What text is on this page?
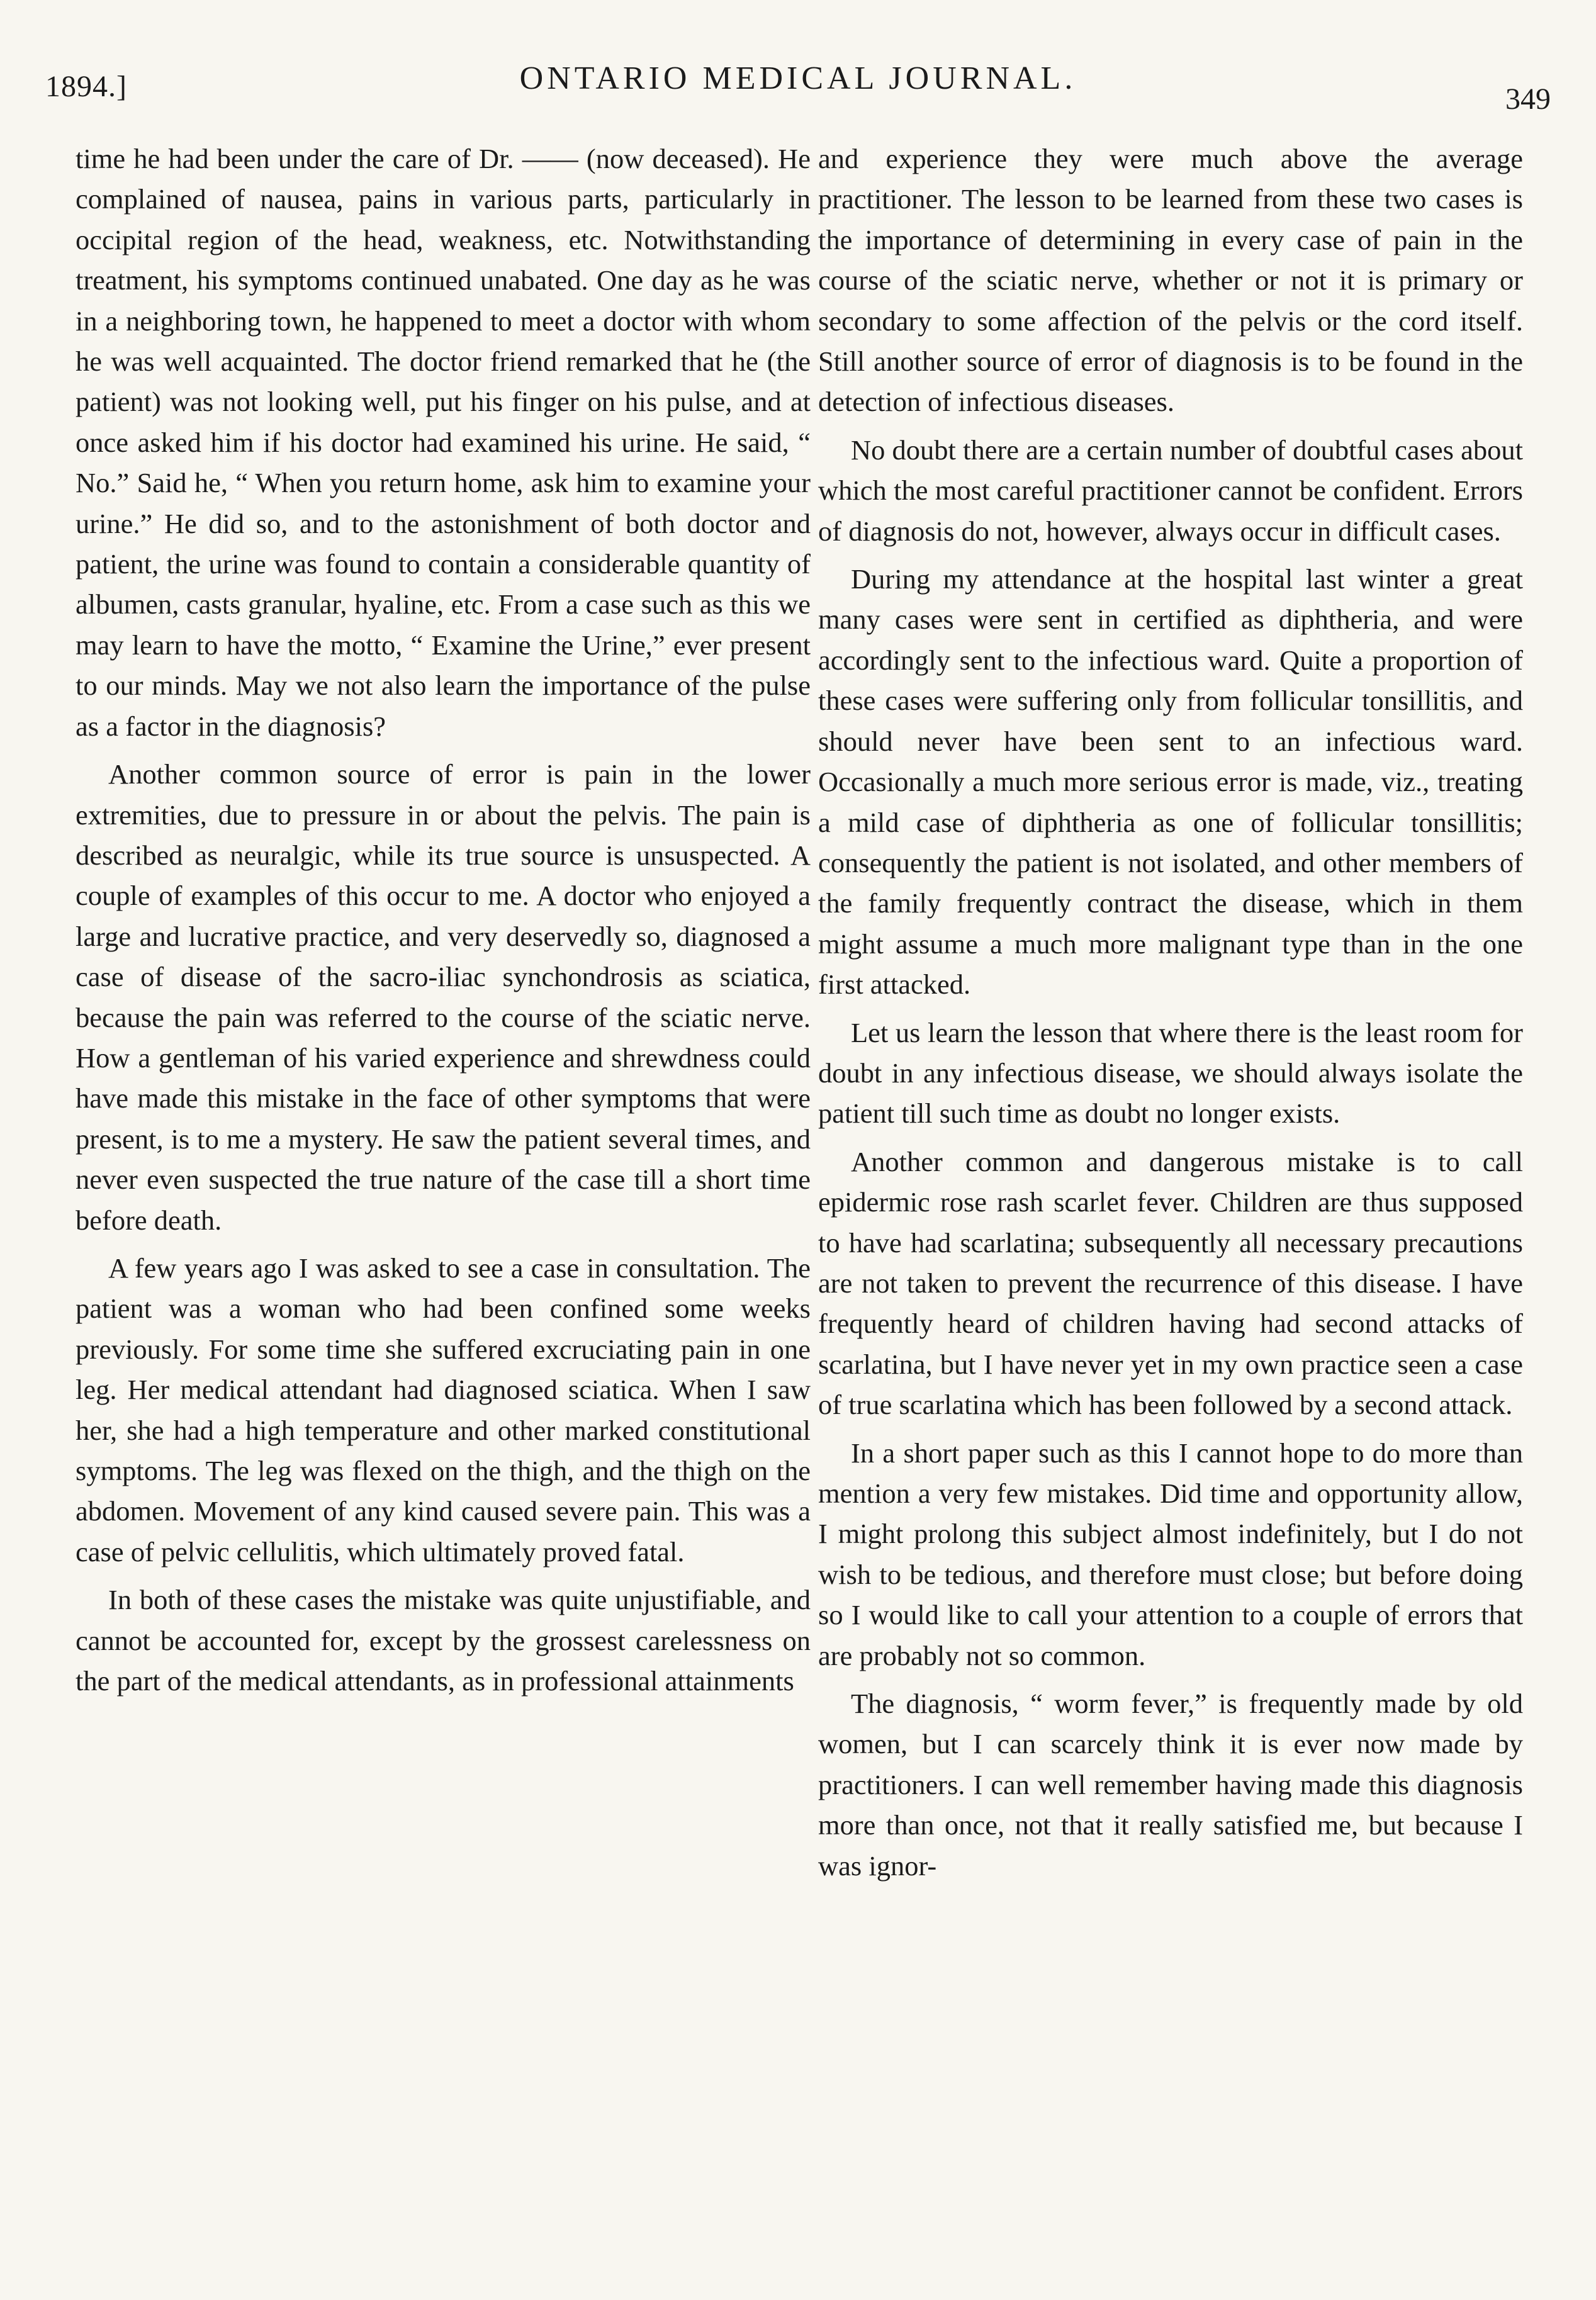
1894.]	ONTARIO MEDICAL JOURNAL.
349

time he had been under the care of Dr. —— (now deceased). He complained of nausea, pains in various parts, particularly in occipital region of the head, weakness, etc. Notwithstanding treatment, his symptoms continued unabated. One day as he was in a neighboring town, he happened to meet a doctor with whom he was well acquainted. The doctor friend remarked that he (the patient) was not looking well, put his finger on his pulse, and at once asked him if his doctor had examined his urine. He said, “ No.” Said he, “ When you return home, ask him to examine your urine.” He did so, and to the astonishment of both doctor and patient, the urine was found to contain a considerable quantity of albumen, casts granular, hyaline, etc. From a case such as this we may learn to have the motto, “ Examine the Urine,” ever present to our minds. May we not also learn the importance of the pulse as a factor in the diagnosis?

Another common source of error is pain in the lower extremities, due to pressure in or about the pelvis. The pain is described as neuralgic, while its true source is unsuspected. A couple of examples of this occur to me. A doctor who enjoyed a large and lucrative practice, and very deservedly so, diagnosed a case of disease of the sacro-iliac synchondrosis as sciatica, because the pain was referred to the course of the sciatic nerve. How a gentleman of his varied experience and shrewdness could have made this mistake in the face of other symptoms that were present, is to me a mystery. He saw the patient several times, and never even suspected the true nature of the case till a short time before death.

A few years ago I was asked to see a case in consultation. The patient was a woman who had been confined some weeks previously. For some time she suffered excruciating pain in one leg. Her medical attendant had diagnosed sciatica. When I saw her, she had a high temperature and other marked constitutional symptoms. The leg was flexed on the thigh, and the thigh on the abdomen. Movement of any kind caused severe pain. This was a case of pelvic cellulitis, which ultimately proved fatal.

In both of these cases the mistake was quite unjustifiable, and cannot be accounted for, except by the grossest carelessness on the part of the medical attendants, as in professional attainments

and experience they were much above the average practitioner. The lesson to be learned from these two cases is the importance of determining in every case of pain in the course of the sciatic nerve, whether or not it is primary or secondary to some affection of the pelvis or the cord itself. Still another source of error of diagnosis is to be found in the detection of infectious diseases.

No doubt there are a certain number of doubtful cases about which the most careful practitioner cannot be confident. Errors of diagnosis do not, however, always occur in difficult cases.

During my attendance at the hospital last winter a great many cases were sent in certified as diphtheria, and were accordingly sent to the infectious ward. Quite a proportion of these cases were suffering only from follicular tonsillitis, and should never have been sent to an infectious ward. Occasionally a much more serious error is made, viz., treating a mild case of diphtheria as one of follicular tonsillitis; consequently the patient is not isolated, and other members of the family frequently contract the disease, which in them might assume a much more malignant type than in the one first attacked.

Let us learn the lesson that where there is the least room for doubt in any infectious disease, we should always isolate the patient till such time as doubt no longer exists.

Another common and dangerous mistake is to call epidermic rose rash scarlet fever. Children are thus supposed to have had scarlatina; subsequently all necessary precautions are not taken to prevent the recurrence of this disease. I have frequently heard of children having had second attacks of scarlatina, but I have never yet in my own practice seen a case of true scarlatina which has been followed by a second attack.

In a short paper such as this I cannot hope to do more than mention a very few mistakes. Did time and opportunity allow, I might prolong this subject almost indefinitely, but I do not wish to be tedious, and therefore must close; but before doing so I would like to call your attention to a couple of errors that are probably not so common.

The diagnosis, “ worm fever,” is frequently made by old women, but I can scarcely think it is ever now made by practitioners. I can well remember having made this diagnosis more than once, not that it really satisfied me, but because I was ignor-
